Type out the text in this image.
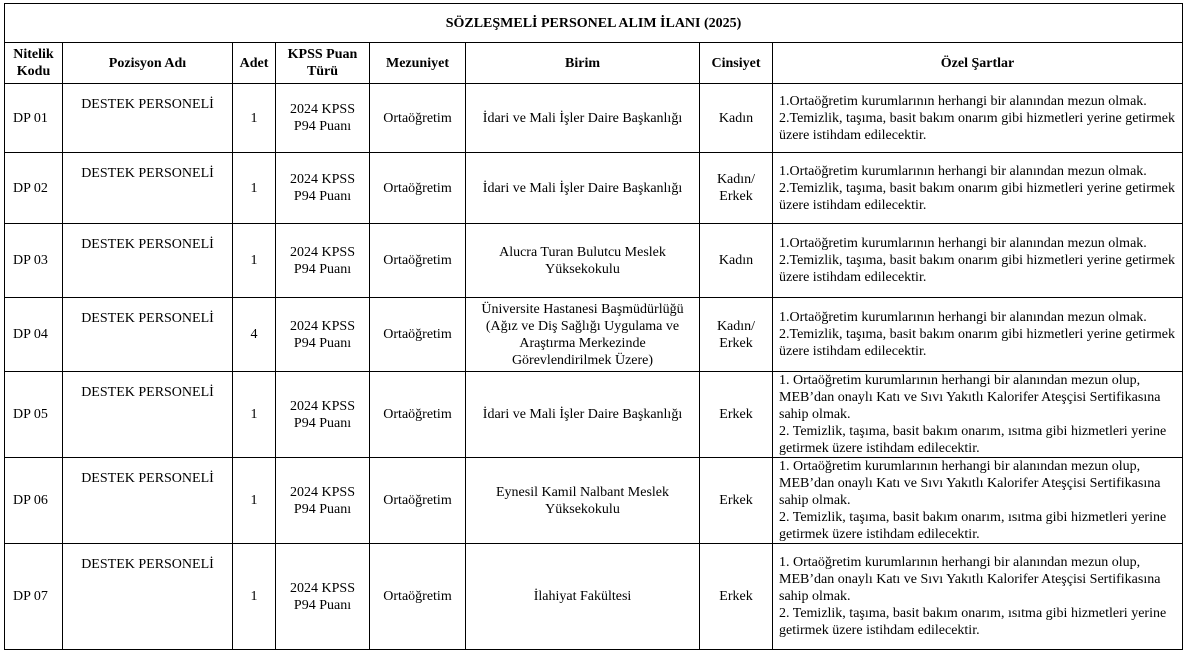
SÖZLEŞMELİ PERSONEL ALIM İLANI (2025)							
Nitelik Kodu	Pozisyon Adı	Adet	KPSS Puan Türü	Mezuniyet	Birim	Cinsiyet	Özel Şartlar
DP 01	DESTEK PERSONELİ	1	2024 KPSS P94 Puanı	Ortaöğretim	İdari ve Mali İşler Daire Başkanlığı	Kadın	1.Ortaöğretim kurumlarının herhangi bir alanından mezun olmak.
2.Temizlik, taşıma, basit bakım onarım gibi hizmetleri yerine getirmek üzere istihdam edilecektir.
DP 02	DESTEK PERSONELİ	1	2024 KPSS P94 Puanı	Ortaöğretim	İdari ve Mali İşler Daire Başkanlığı	Kadın/ Erkek	1.Ortaöğretim kurumlarının herhangi bir alanından mezun olmak.
2.Temizlik, taşıma, basit bakım onarım gibi hizmetleri yerine getirmek üzere istihdam edilecektir.
DP 03	DESTEK PERSONELİ	1	2024 KPSS P94 Puanı	Ortaöğretim	Alucra Turan Bulutcu Meslek Yüksekokulu	Kadın	1.Ortaöğretim kurumlarının herhangi bir alanından mezun olmak.
2.Temizlik, taşıma, basit bakım onarım gibi hizmetleri yerine getirmek üzere istihdam edilecektir.
DP 04	DESTEK PERSONELİ	4	2024 KPSS P94 Puanı	Ortaöğretim	Üniversite Hastanesi Başmüdürlüğü (Ağız ve Diş Sağlığı Uygulama ve Araştırma Merkezinde Görevlendirilmek Üzere)	Kadın/ Erkek	1.Ortaöğretim kurumlarının herhangi bir alanından mezun olmak.
2.Temizlik, taşıma, basit bakım onarım gibi hizmetleri yerine getirmek üzere istihdam edilecektir.
DP 05	DESTEK PERSONELİ	1	2024 KPSS P94 Puanı	Ortaöğretim	İdari ve Mali İşler Daire Başkanlığı	Erkek	1. Ortaöğretim kurumlarının herhangi bir alanından mezun olup, MEB’dan onaylı Katı ve Sıvı Yakıtlı Kalorifer Ateşçisi Sertifikasına sahip olmak.
2. Temizlik, taşıma, basit bakım onarım, ısıtma gibi hizmetleri yerine getirmek üzere istihdam edilecektir.
DP 06	DESTEK PERSONELİ	1	2024 KPSS P94 Puanı	Ortaöğretim	Eynesil Kamil Nalbant Meslek Yüksekokulu	Erkek	1. Ortaöğretim kurumlarının herhangi bir alanından mezun olup, MEB’dan onaylı Katı ve Sıvı Yakıtlı Kalorifer Ateşçisi Sertifikasına sahip olmak.
2. Temizlik, taşıma, basit bakım onarım, ısıtma gibi hizmetleri yerine getirmek üzere istihdam edilecektir.
DP 07	DESTEK PERSONELİ	1	2024 KPSS P94 Puanı	Ortaöğretim	İlahiyat Fakültesi	Erkek	1. Ortaöğretim kurumlarının herhangi bir alanından mezun olup, MEB’dan onaylı Katı ve Sıvı Yakıtlı Kalorifer Ateşçisi Sertifikasına sahip olmak.
2. Temizlik, taşıma, basit bakım onarım, ısıtma gibi hizmetleri yerine getirmek üzere istihdam edilecektir.
